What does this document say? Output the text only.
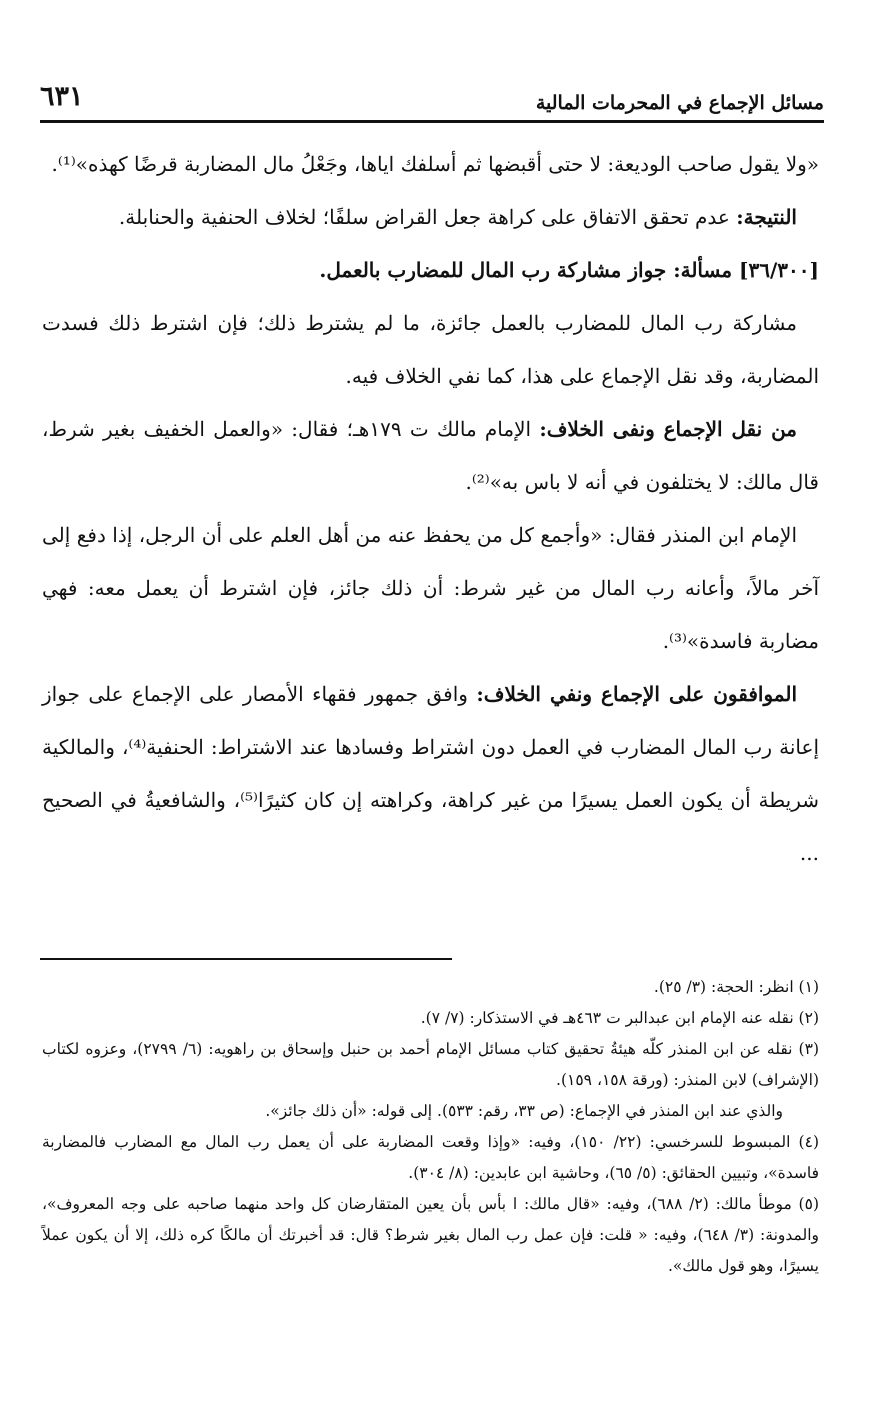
مسائل الإجماع في المحرمات المالية
٦٣١

«ولا يقول صاحب الوديعة: لا حتى أقبضها ثم أسلفك اياها، وجَعْلُ مال المضاربة قرضًا كهذه»⁽¹⁾.

النتيجة: عدم تحقق الاتفاق على كراهة جعل القراض سلفًا؛ لخلاف الحنفية والحنابلة.

[٣٦/٣٠٠] مسألة: جواز مشاركة رب المال للمضارب بالعمل.

مشاركة رب المال للمضارب بالعمل جائزة، ما لم يشترط ذلك؛ فإن اشترط ذلك فسدت المضاربة، وقد نقل الإجماع على هذا، كما نفي الخلاف فيه.

من نقل الإجماع ونفى الخلاف: الإمام مالك ت ١٧٩هـ؛ فقال: «والعمل الخفيف بغير شرط، قال مالك: لا يختلفون في أنه لا باس به»⁽²⁾.

الإمام ابن المنذر فقال: «وأجمع كل من يحفظ عنه من أهل العلم على أن الرجل، إذا دفع إلى آخر مالاً، وأعانه رب المال من غير شرط: أن ذلك جائز، فإن اشترط أن يعمل معه: فهي مضاربة فاسدة»⁽³⁾.

الموافقون على الإجماع ونفي الخلاف: وافق جمهور فقهاء الأمصار على الإجماع على جواز إعانة رب المال المضارب في العمل دون اشتراط وفسادها عند الاشتراط: الحنفية⁽⁴⁾، والمالكية شريطة أن يكون العمل يسيرًا من غير كراهة، وكراهته إن كان كثيرًا⁽⁵⁾، والشافعيةُ في الصحيح ...

(١) انظر: الحجة: (٣/ ٢٥).

(٢) نقله عنه الإمام ابن عبدالبر ت ٤٦٣هـ في الاستذكار: (٧/ ٧).

(٣) نقله عن ابن المنذر كلّه هيئةُ تحقيق كتاب مسائل الإمام أحمد بن حنبل وإسحاق بن راهويه: (٦/ ٢٧٩٩)، وعزوه لكتاب (الإشراف) لابن المنذر: (ورقة ١٥٨، ١٥٩).

والذي عند ابن المنذر في الإجماع: (ص ٣٣، رقم: ٥٣٣). إلى قوله: «أن ذلك جائز».

(٤) المبسوط للسرخسي: (٢٢/ ١٥٠)، وفيه: «وإذا وقعت المضاربة على أن يعمل رب المال مع المضارب فالمضاربة فاسدة»، وتبيين الحقائق: (٥/ ٦٥)، وحاشية ابن عابدين: (٨/ ٣٠٤).

(٥) موطأ مالك: (٢/ ٦٨٨)، وفيه: «قال مالك: ا بأس بأن يعين المتقارضان كل واحد منهما صاحبه على وجه المعروف»، والمدونة: (٣/ ٦٤٨)، وفيه: « قلت: فإن عمل رب المال بغير شرط؟ قال: قد أخبرتك أن مالكًا كره ذلك، إلا أن يكون عملاً يسيرًا، وهو قول مالك».
